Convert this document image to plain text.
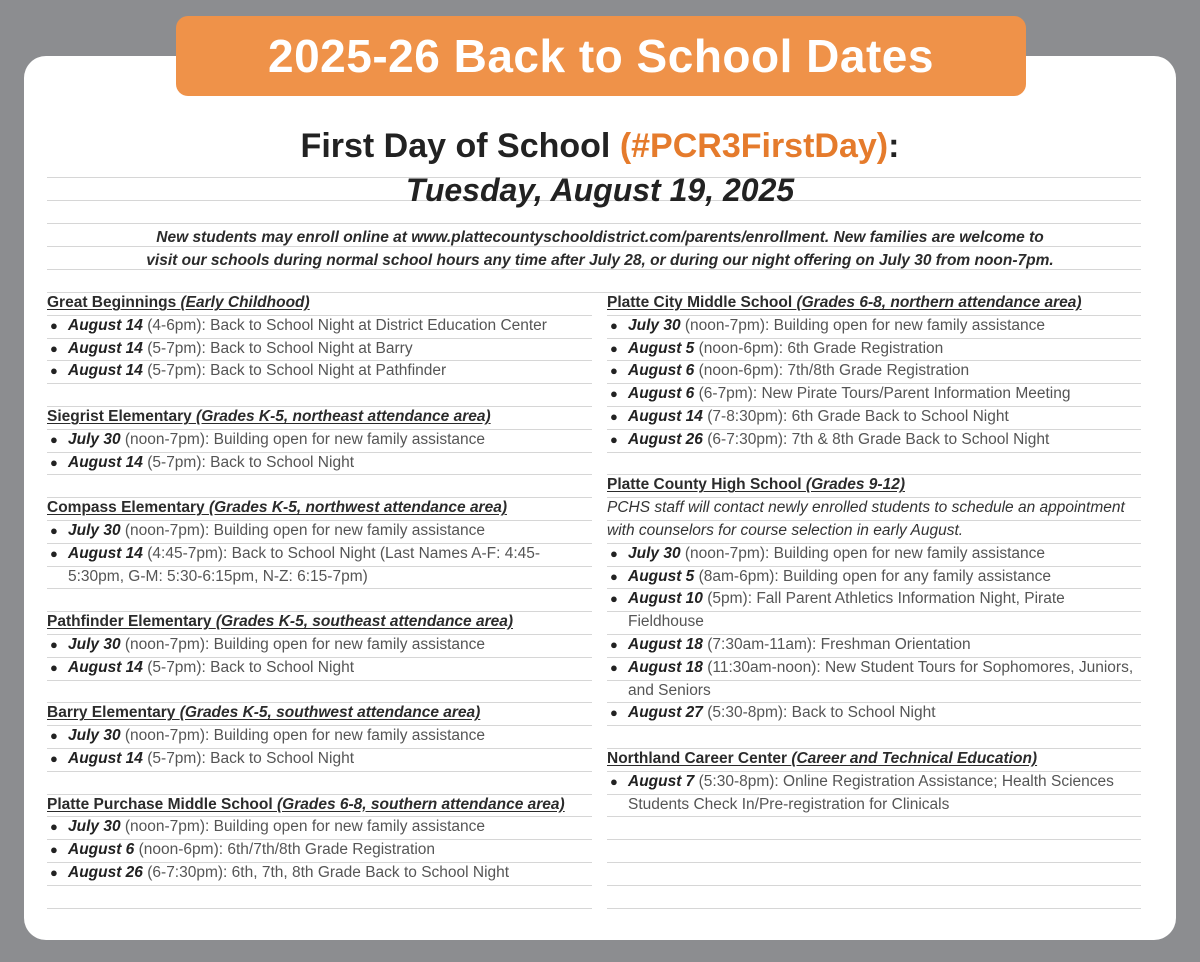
2025-26 Back to School Dates
First Day of School (#PCR3FirstDay):
Tuesday, August 19, 2025
New students may enroll online at www.plattecountyschooldistrict.com/parents/enrollment. New families are welcome to
visit our schools during normal school hours any time after July 28, or during our night offering on July 30 from noon-7pm.
Great Beginnings (Early Childhood)
● August 14 (4-6pm): Back to School Night at District Education Center
● August 14 (5-7pm): Back to School Night at Barry
● August 14 (5-7pm): Back to School Night at Pathfinder
Siegrist Elementary (Grades K-5, northeast attendance area)
● July 30 (noon-7pm): Building open for new family assistance
● August 14 (5-7pm): Back to School Night
Compass Elementary (Grades K-5, northwest attendance area)
● July 30 (noon-7pm): Building open for new family assistance
● August 14 (4:45-7pm): Back to School Night (Last Names A-F: 4:45-5:30pm, G-M: 5:30-6:15pm, N-Z: 6:15-7pm)
Pathfinder Elementary (Grades K-5, southeast attendance area)
● July 30 (noon-7pm): Building open for new family assistance
● August 14 (5-7pm): Back to School Night
Barry Elementary (Grades K-5, southwest attendance area)
● July 30 (noon-7pm): Building open for new family assistance
● August 14 (5-7pm): Back to School Night
Platte Purchase Middle School (Grades 6-8, southern attendance area)
● July 30 (noon-7pm): Building open for new family assistance
● August 6 (noon-6pm): 6th/7th/8th Grade Registration
● August 26 (6-7:30pm): 6th, 7th, 8th Grade Back to School Night
Platte City Middle School (Grades 6-8, northern attendance area)
● July 30 (noon-7pm): Building open for new family assistance
● August 5 (noon-6pm): 6th Grade Registration
● August 6 (noon-6pm): 7th/8th Grade Registration
● August 6 (6-7pm): New Pirate Tours/Parent Information Meeting
● August 14 (7-8:30pm): 6th Grade Back to School Night
● August 26 (6-7:30pm): 7th & 8th Grade Back to School Night
Platte County High School (Grades 9-12)
PCHS staff will contact newly enrolled students to schedule an appointment with counselors for course selection in early August.
● July 30 (noon-7pm): Building open for new family assistance
● August 5 (8am-6pm): Building open for any family assistance
● August 10 (5pm): Fall Parent Athletics Information Night, Pirate Fieldhouse
● August 18 (7:30am-11am): Freshman Orientation
● August 18 (11:30am-noon): New Student Tours for Sophomores, Juniors, and Seniors
● August 27 (5:30-8pm): Back to School Night
Northland Career Center (Career and Technical Education)
● August 7 (5:30-8pm): Online Registration Assistance; Health Sciences Students Check In/Pre-registration for Clinicals
